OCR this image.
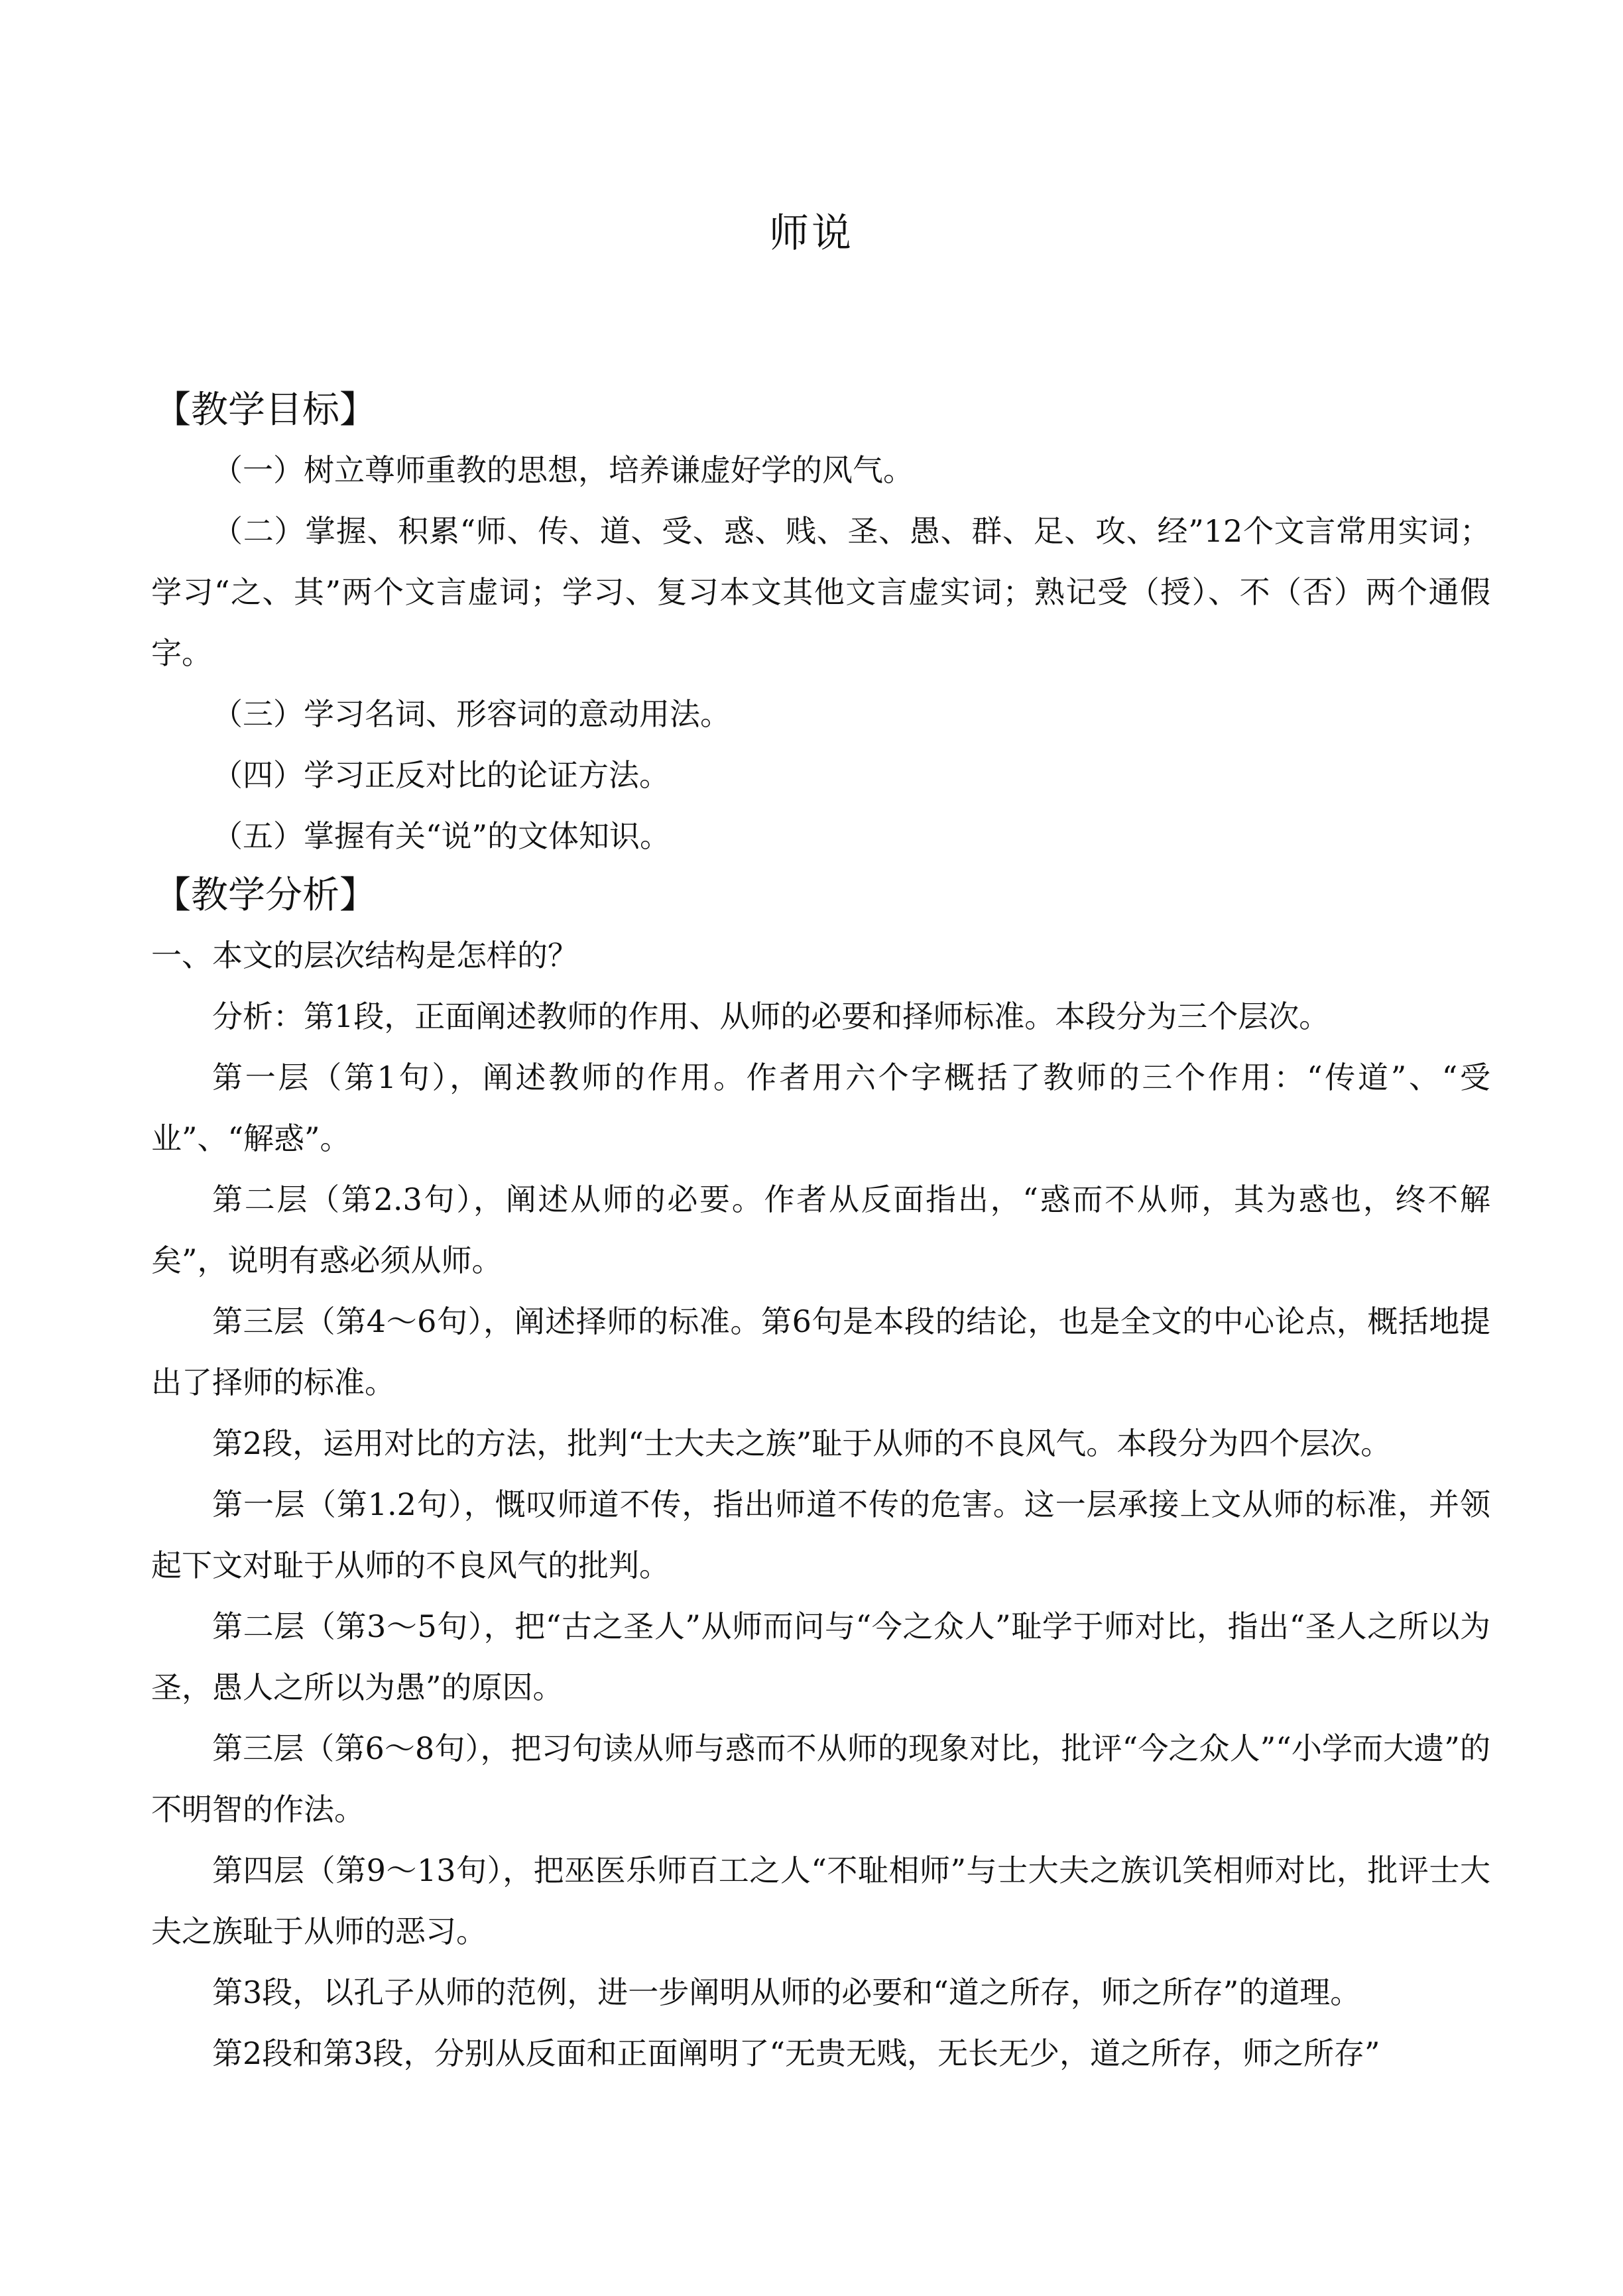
师说
【教学目标】

（一）树立尊师重教的思想，培养谦虚好学的风气。

（二）掌握、积累“师、传、道、受、惑、贱、圣、愚、群、足、攻、经”12个文言常用实词；学习“之、其”两个文言虚词；学习、复习本文其他文言虚实词；熟记受（授）、不（否）两个通假字。

（三）学习名词、形容词的意动用法。

（四）学习正反对比的论证方法。

（五）掌握有关“说”的文体知识。

【教学分析】

一、本文的层次结构是怎样的？

分析：第1段，正面阐述教师的作用、从师的必要和择师标准。本段分为三个层次。

第一层（第1句），阐述教师的作用。作者用六个字概括了教师的三个作用：“传道”、“受业”、“解惑”。

第二层（第2.3句），阐述从师的必要。作者从反面指出，“惑而不从师，其为惑也，终不解矣”，说明有惑必须从师。

第三层（第4～6句），阐述择师的标准。第6句是本段的结论，也是全文的中心论点，概括地提出了择师的标准。

第2段，运用对比的方法，批判“士大夫之族”耻于从师的不良风气。本段分为四个层次。

第一层（第1.2句），慨叹师道不传，指出师道不传的危害。这一层承接上文从师的标准，并领起下文对耻于从师的不良风气的批判。

第二层（第3～5句），把“古之圣人”从师而问与“今之众人”耻学于师对比，指出“圣人之所以为圣，愚人之所以为愚”的原因。

第三层（第6～8句），把习句读从师与惑而不从师的现象对比，批评“今之众人”“小学而大遗”的不明智的作法。

第四层（第9～13句），把巫医乐师百工之人“不耻相师”与士大夫之族讥笑相师对比，批评士大夫之族耻于从师的恶习。

第3段，以孔子从师的范例，进一步阐明从师的必要和“道之所存，师之所存”的道理。

第2段和第3段，分别从反面和正面阐明了“无贵无贱，无长无少，道之所存，师之所存”
